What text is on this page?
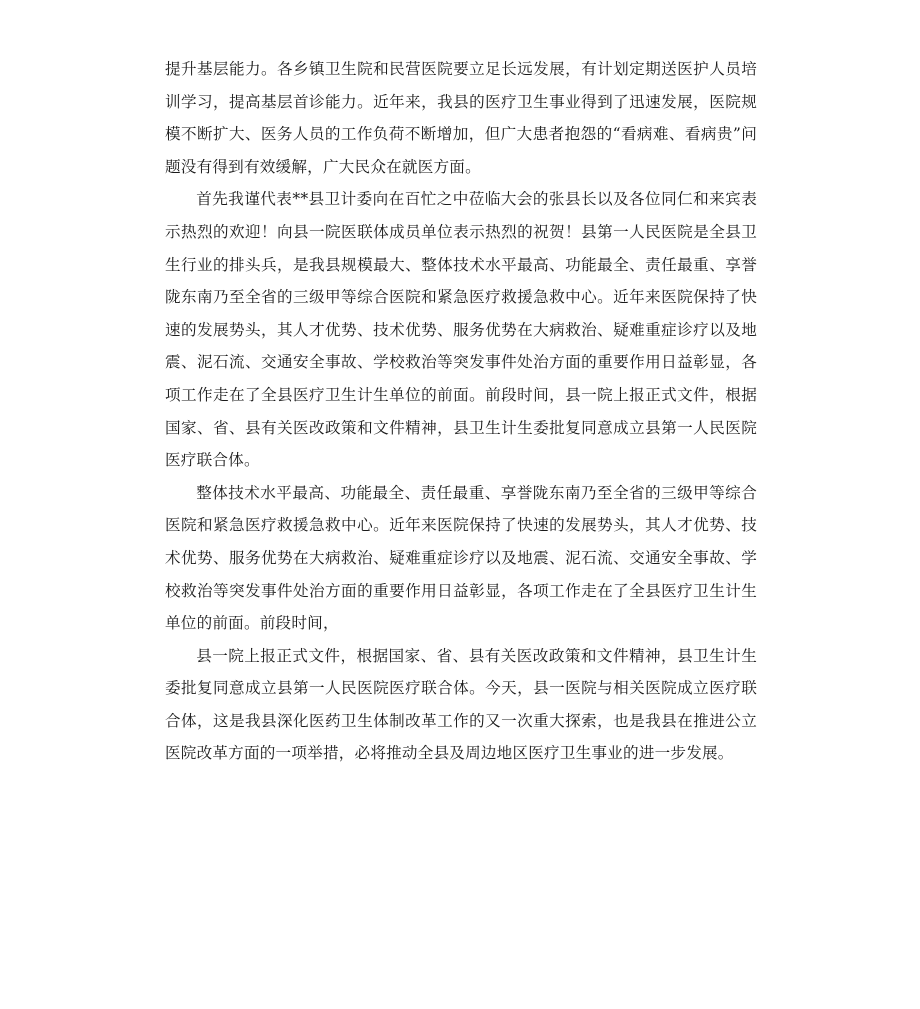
提升基层能力。各乡镇卫生院和民营医院要立足长远发展，有计划定期送医护人员培训学习，提高基层首诊能力。近年来，我县的医疗卫生事业得到了迅速发展，医院规模不断扩大、医务人员的工作负荷不断增加，但广大患者抱怨的“看病难、看病贵”问题没有得到有效缓解，广大民众在就医方面。

首先我谨代表**县卫计委向在百忙之中莅临大会的张县长以及各位同仁和来宾表示热烈的欢迎！向县一院医联体成员单位表示热烈的祝贺！县第一人民医院是全县卫生行业的排头兵，是我县规模最大、整体技术水平最高、功能最全、责任最重、享誉陇东南乃至全省的三级甲等综合医院和紧急医疗救援急救中心。近年来医院保持了快速的发展势头，其人才优势、技术优势、服务优势在大病救治、疑难重症诊疗以及地震、泥石流、交通安全事故、学校救治等突发事件处治方面的重要作用日益彰显，各项工作走在了全县医疗卫生计生单位的前面。前段时间，县一院上报正式文件，根据国家、省、县有关医改政策和文件精神，县卫生计生委批复同意成立县第一人民医院医疗联合体。

整体技术水平最高、功能最全、责任最重、享誉陇东南乃至全省的三级甲等综合医院和紧急医疗救援急救中心。近年来医院保持了快速的发展势头，其人才优势、技术优势、服务优势在大病救治、疑难重症诊疗以及地震、泥石流、交通安全事故、学校救治等突发事件处治方面的重要作用日益彰显，各项工作走在了全县医疗卫生计生单位的前面。前段时间，

县一院上报正式文件，根据国家、省、县有关医改政策和文件精神，县卫生计生委批复同意成立县第一人民医院医疗联合体。今天，县一医院与相关医院成立医疗联合体，这是我县深化医药卫生体制改革工作的又一次重大探索，也是我县在推进公立医院改革方面的一项举措，必将推动全县及周边地区医疗卫生事业的进一步发展。
